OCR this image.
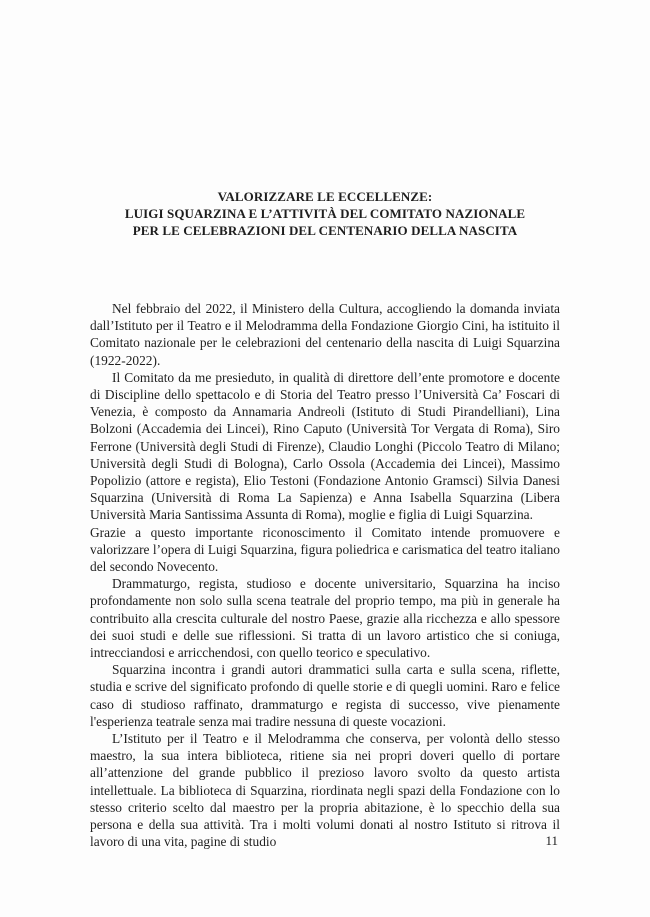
VALORIZZARE LE ECCELLENZE:
LUIGI SQUARZINA E L’ATTIVITÀ DEL COMITATO NAZIONALE
PER LE CELEBRAZIONI DEL CENTENARIO DELLA NASCITA

Nel febbraio del 2022, il Ministero della Cultura, accogliendo la domanda inviata dall’Istituto per il Teatro e il Melodramma della Fondazione Giorgio Cini, ha istituito il Comitato nazionale per le celebrazioni del centenario della nascita di Luigi Squarzina (1922-2022).

Il Comitato da me presieduto, in qualità di direttore dell’ente promotore e docente di Discipline dello spettacolo e di Storia del Teatro presso l’Università Ca’ Foscari di Venezia, è composto da Annamaria Andreoli (Istituto di Studi Pirandelliani), Lina Bolzoni (Accademia dei Lincei), Rino Caputo (Università Tor Vergata di Roma), Siro Ferrone (Università degli Studi di Firenze), Claudio Longhi (Piccolo Teatro di Milano; Università degli Studi di Bologna), Carlo Ossola (Accademia dei Lincei), Massimo Popolizio (attore e regista), Elio Testoni (Fondazione Antonio Gramsci) Silvia Danesi Squarzina (Università di Roma La Sapienza) e Anna Isabella Squarzina (Libera Università Maria Santissima Assunta di Roma), moglie e figlia di Luigi Squarzina.

Grazie a questo importante riconoscimento il Comitato intende promuovere e valorizzare l’opera di Luigi Squarzina, figura poliedrica e carismatica del teatro italiano del secondo Novecento.

Drammaturgo, regista, studioso e docente universitario, Squarzina ha inciso profondamente non solo sulla scena teatrale del proprio tempo, ma più in generale ha contribuito alla crescita culturale del nostro Paese, grazie alla ricchezza e allo spessore dei suoi studi e delle sue riflessioni. Si tratta di un lavoro artistico che si coniuga, intrecciandosi e arricchendosi, con quello teorico e speculativo.

Squarzina incontra i grandi autori drammatici sulla carta e sulla scena, riflette, studia e scrive del significato profondo di quelle storie e di quegli uomini. Raro e felice caso di studioso raffinato, drammaturgo e regista di successo, vive pienamente l'esperienza teatrale senza mai tradire nessuna di queste vocazioni.

L’Istituto per il Teatro e il Melodramma che conserva, per volontà dello stesso maestro, la sua intera biblioteca, ritiene sia nei propri doveri quello di portare all’attenzione del grande pubblico il prezioso lavoro svolto da questo artista intellettuale. La biblioteca di Squarzina, riordinata negli spazi della Fondazione con lo stesso criterio scelto dal maestro per la propria abitazione, è lo specchio della sua persona e della sua attività. Tra i molti volumi donati al nostro Istituto si ritrova il lavoro di una vita, pagine di studio	11
